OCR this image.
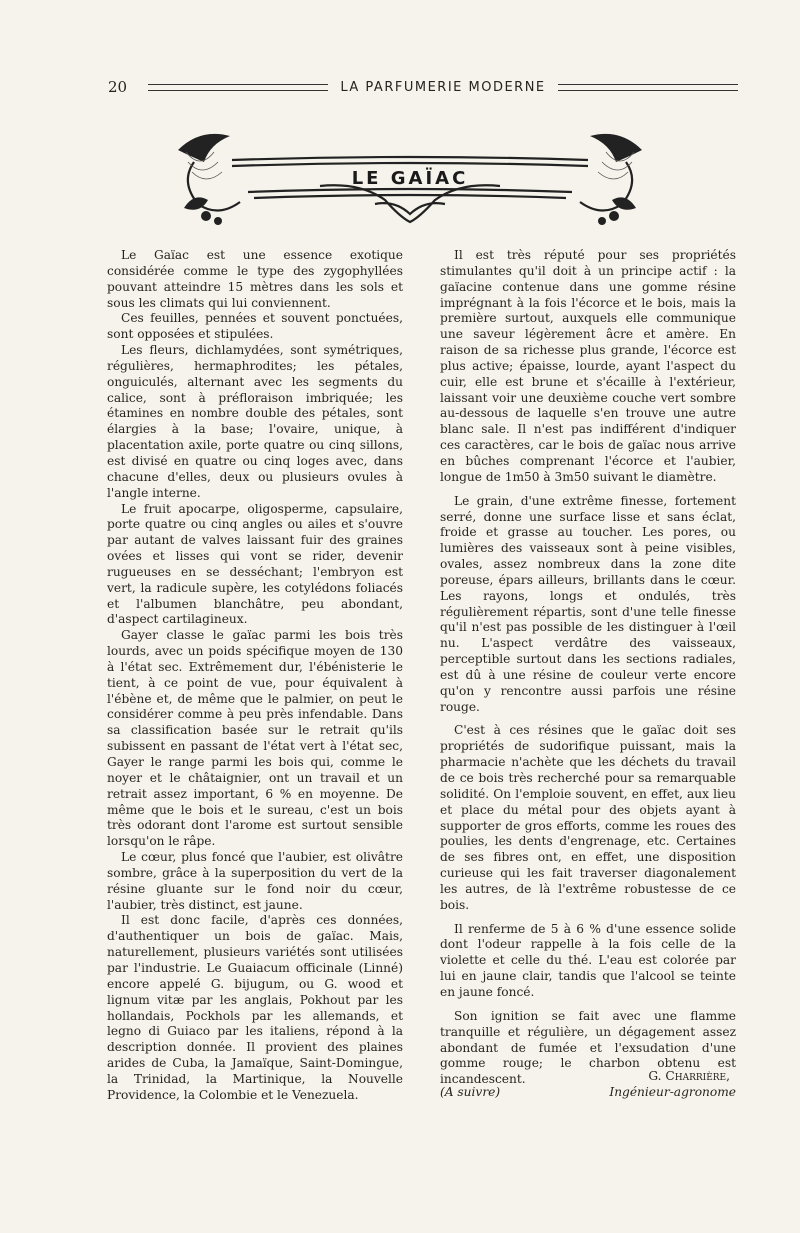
20	LA PARFUMERIE MODERNE
LE GAÏAC

Le Gaïac est une essence exotique considérée comme le type des zygophyllées pouvant atteindre 15 mètres dans les sols et sous les climats qui lui conviennent.

Ces feuilles, pennées et souvent ponctuées, sont opposées et stipulées.

Les fleurs, dichlamydées, sont symétriques, régulières, hermaphrodites; les pétales, onguiculés, alternant avec les segments du calice, sont à préfloraison imbriquée; les étamines en nombre double des pétales, sont élargies à la base; l'ovaire, unique, à placentation axile, porte quatre ou cinq sillons, est divisé en quatre ou cinq loges avec, dans chacune d'elles, deux ou plusieurs ovules à l'angle interne.

Le fruit apocarpe, oligosperme, capsulaire, porte quatre ou cinq angles ou ailes et s'ouvre par autant de valves laissant fuir des graines ovées et lisses qui vont se rider, devenir rugueuses en se desséchant; l'embryon est vert, la radicule supère, les cotylédons foliacés et l'albumen blanchâtre, peu abondant, d'aspect cartilagineux.

Gayer classe le gaïac parmi les bois très lourds, avec un poids spécifique moyen de 130 à l'état sec. Extrêmement dur, l'ébénisterie le tient, à ce point de vue, pour équivalent à l'ébène et, de même que le palmier, on peut le considérer comme à peu près infendable. Dans sa classification basée sur le retrait qu'ils subissent en passant de l'état vert à l'état sec, Gayer le range parmi les bois qui, comme le noyer et le châtaignier, ont un travail et un retrait assez important, 6 % en moyenne. De même que le bois et le sureau, c'est un bois très odorant dont l'arome est surtout sensible lorsqu'on le râpe.

Le cœur, plus foncé que l'aubier, est olivâtre sombre, grâce à la superposition du vert de la résine gluante sur le fond noir du cœur, l'aubier, très distinct, est jaune.

Il est donc facile, d'après ces données, d'authentiquer un bois de gaïac. Mais, naturellement, plusieurs variétés sont utilisées par l'industrie. Le Guaiacum officinale (Linné) encore appelé G. bijugum, ou G. wood et lignum vitæ par les anglais, Pokhout par les hollandais, Pockhols par les allemands, et legno di Guiaco par les italiens, répond à la description donnée. Il provient des plaines arides de Cuba, la Jamaïque, Saint-Domingue, la Trinidad, la Martinique, la Nouvelle Providence, la Colombie et le Venezuela.

Il est très réputé pour ses propriétés stimulantes qu'il doit à un principe actif : la gaïacine contenue dans une gomme résine imprégnant à la fois l'écorce et le bois, mais la première surtout, auxquels elle communique une saveur légèrement âcre et amère. En raison de sa richesse plus grande, l'écorce est plus active; épaisse, lourde, ayant l'aspect du cuir, elle est brune et s'écaille à l'extérieur, laissant voir une deuxième couche vert sombre au-dessous de laquelle s'en trouve une autre blanc sale. Il n'est pas indifférent d'indiquer ces caractères, car le bois de gaïac nous arrive en bûches comprenant l'écorce et l'aubier, longue de 1m50 à 3m50 suivant le diamètre.

Le grain, d'une extrême finesse, fortement serré, donne une surface lisse et sans éclat, froide et grasse au toucher. Les pores, ou lumières des vaisseaux sont à peine visibles, ovales, assez nombreux dans la zone dite poreuse, épars ailleurs, brillants dans le cœur. Les rayons, longs et ondulés, très régulièrement répartis, sont d'une telle finesse qu'il n'est pas possible de les distinguer à l'œil nu. L'aspect verdâtre des vaisseaux, perceptible surtout dans les sections radiales, est dû à une résine de couleur verte encore qu'on y rencontre aussi parfois une résine rouge.

C'est à ces résines que le gaïac doit ses propriétés de sudorifique puissant, mais la pharmacie n'achète que les déchets du travail de ce bois très recherché pour sa remarquable solidité. On l'emploie souvent, en effet, aux lieu et place du métal pour des objets ayant à supporter de gros efforts, comme les roues des poulies, les dents d'engrenage, etc. Certaines de ses fibres ont, en effet, une disposition curieuse qui les fait traverser diagonalement les autres, de là l'extrême robustesse de ce bois.

Il renferme de 5 à 6 % d'une essence solide dont l'odeur rappelle à la fois celle de la violette et celle du thé. L'eau est colorée par lui en jaune clair, tandis que l'alcool se teinte en jaune foncé.

Son ignition se fait avec une flamme tranquille et régulière, un dégagement assez abondant de fumée et l'exsudation d'une gomme rouge; le charbon obtenu est incandescent.	G. Charrière,
(A suivre)	Ingénieur-agronome
